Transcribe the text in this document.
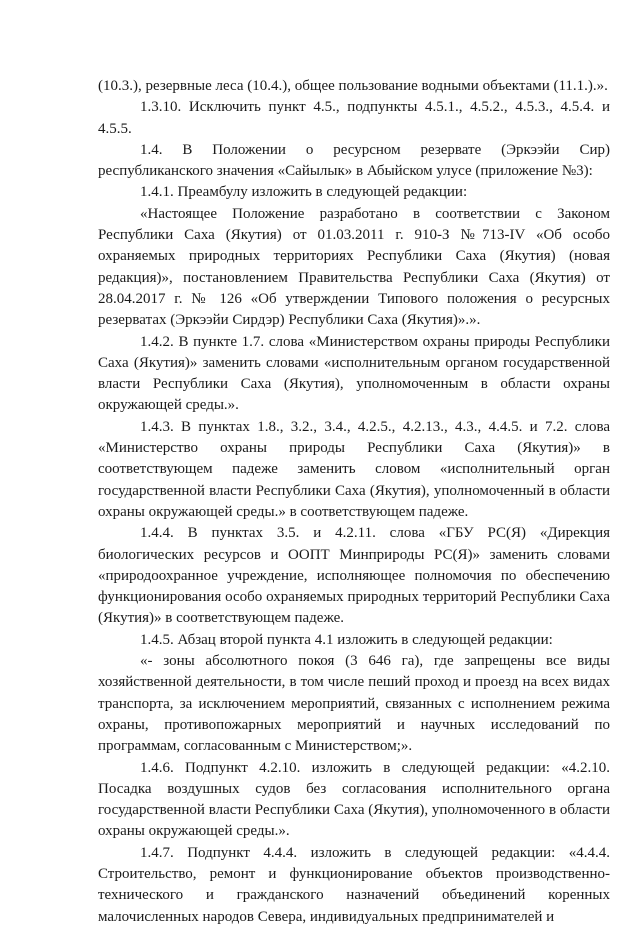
(10.3.), резервные леса (10.4.), общее пользование водными объектами (11.1.).».

1.3.10. Исключить пункт 4.5., подпункты 4.5.1., 4.5.2., 4.5.3., 4.5.4. и 4.5.5.

1.4. В Положении о ресурсном резервате (Эркээйи Сир) республиканского значения «Сайылык» в Абыйском улусе (приложение №3):

1.4.1. Преамбулу изложить в следующей редакции:

«Настоящее Положение разработано в соответствии с Законом Республики Саха (Якутия) от 01.03.2011 г. 910-З №713-IV «Об особо охраняемых природных территориях Республики Саха (Якутия) (новая редакция)», постановлением Правительства Республики Саха (Якутия) от 28.04.2017 г. № 126 «Об утверждении Типового положения о ресурсных резерватах (Эркээйи Сирдэр) Республики Саха (Якутия)».».

1.4.2. В пункте 1.7. слова «Министерством охраны природы Республики Саха (Якутия)» заменить словами «исполнительным органом государственной власти Республики Саха (Якутия), уполномоченным в области охраны окружающей среды.».

1.4.3. В пунктах 1.8., 3.2., 3.4., 4.2.5., 4.2.13., 4.3., 4.4.5. и 7.2. слова «Министерство охраны природы Республики Саха (Якутия)» в соответствующем падеже заменить словом «исполнительный орган государственной власти Республики Саха (Якутия), уполномоченный в области охраны окружающей среды.» в соответствующем падеже.

1.4.4. В пунктах 3.5. и 4.2.11. слова «ГБУ РС(Я) «Дирекция биологических ресурсов и ООПТ Минприроды РС(Я)» заменить словами «природоохранное учреждение, исполняющее полномочия по обеспечению функционирования особо охраняемых природных территорий Республики Саха (Якутия)» в соответствующем падеже.

1.4.5. Абзац второй пункта 4.1 изложить в следующей редакции:

«- зоны абсолютного покоя (3 646 га), где запрещены все виды хозяйственной деятельности, в том числе пеший проход и проезд на всех видах транспорта, за исключением мероприятий, связанных с исполнением режима охраны, противопожарных мероприятий и научных исследований по программам, согласованным с Министерством;».

1.4.6. Подпункт 4.2.10. изложить в следующей редакции: «4.2.10. Посадка воздушных судов без согласования исполнительного органа государственной власти Республики Саха (Якутия), уполномоченного в области охраны окружающей среды.».

1.4.7. Подпункт 4.4.4. изложить в следующей редакции: «4.4.4. Строительство, ремонт и функционирование объектов производственно-технического и гражданского назначений объединений коренных малочисленных народов Севера, индивидуальных предпринимателей и
